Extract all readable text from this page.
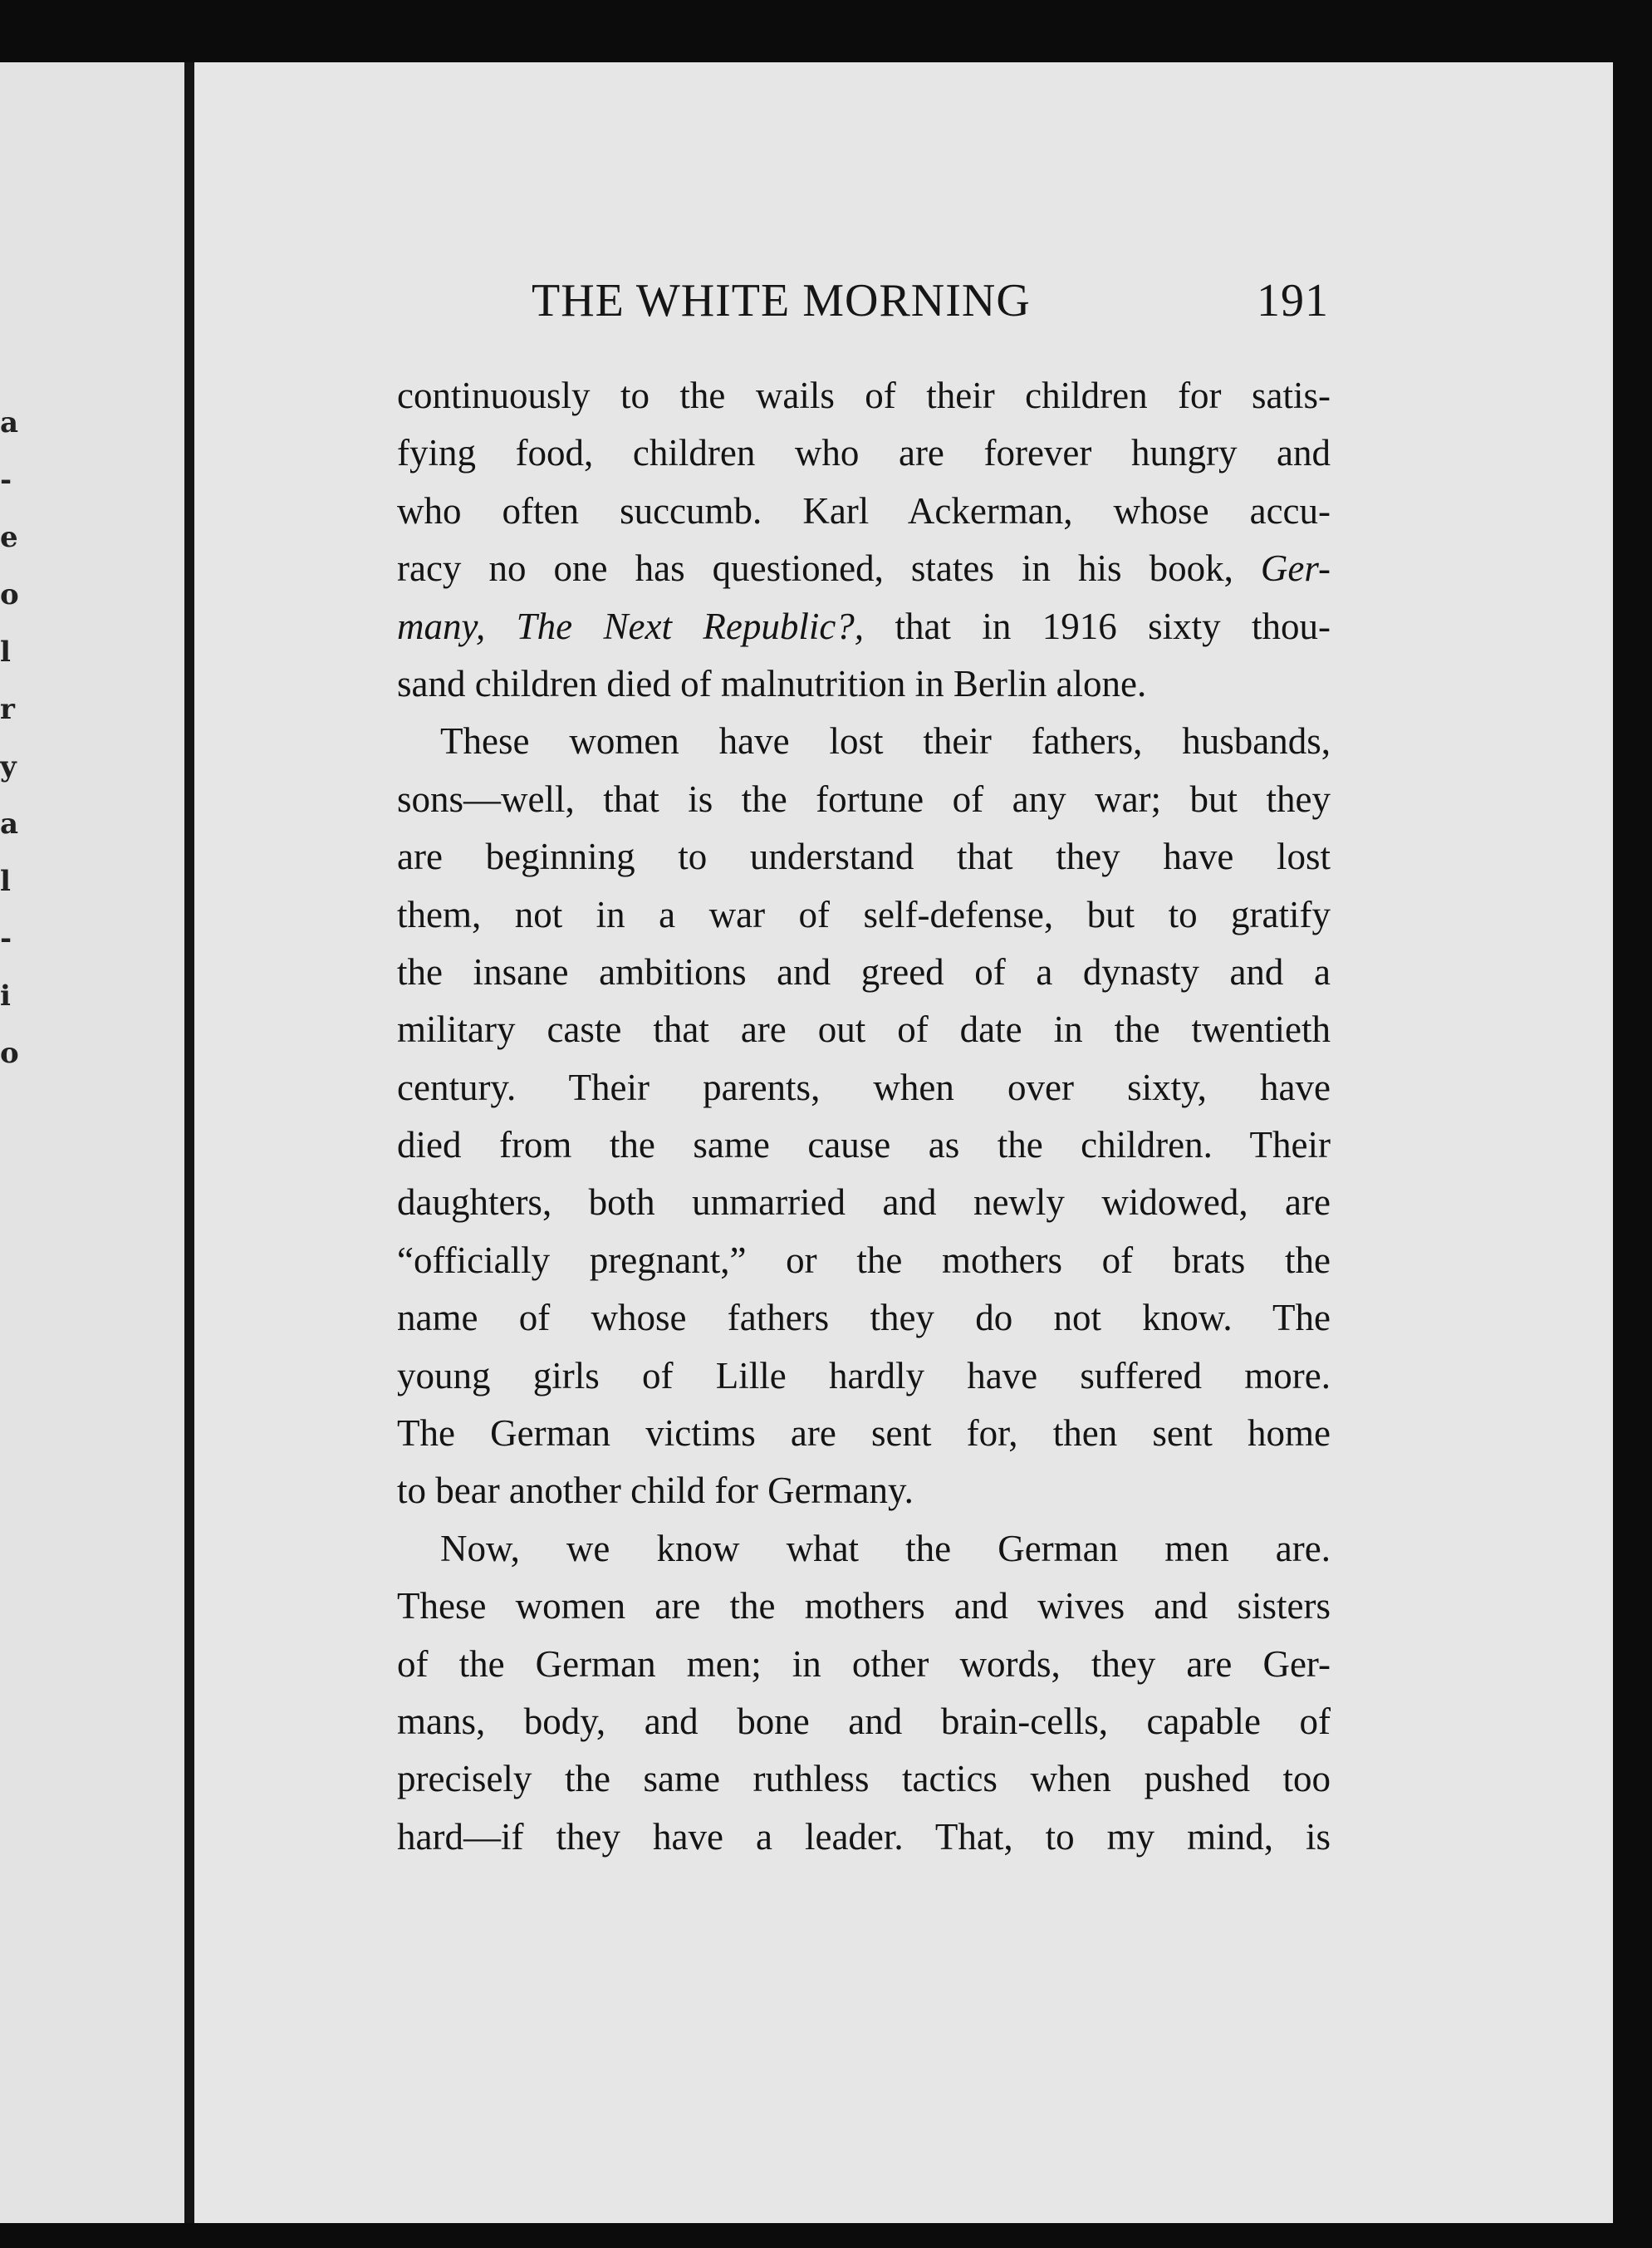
a
-
e
o
l
r
y
a
l
-
i
o
THE WHITE MORNING	191
continuously to the wails of their children for satis-
fying food, children who are forever hungry and
who often succumb. Karl Ackerman, whose accu-
racy no one has questioned, states in his book, Ger-
many, The Next Republic?, that in 1916 sixty thou-
sand children died of malnutrition in Berlin alone.
These women have lost their fathers, husbands,
sons—well, that is the fortune of any war; but they
are beginning to understand that they have lost
them, not in a war of self-defense, but to gratify
the insane ambitions and greed of a dynasty and a
military caste that are out of date in the twentieth
century. Their parents, when over sixty, have
died from the same cause as the children. Their
daughters, both unmarried and newly widowed, are
“officially pregnant,” or the mothers of brats the
name of whose fathers they do not know. The
young girls of Lille hardly have suffered more.
The German victims are sent for, then sent home
to bear another child for Germany.
Now, we know what the German men are.
These women are the mothers and wives and sisters
of the German men; in other words, they are Ger-
mans, body, and bone and brain-cells, capable of
precisely the same ruthless tactics when pushed too
hard—if they have a leader. That, to my mind, is
